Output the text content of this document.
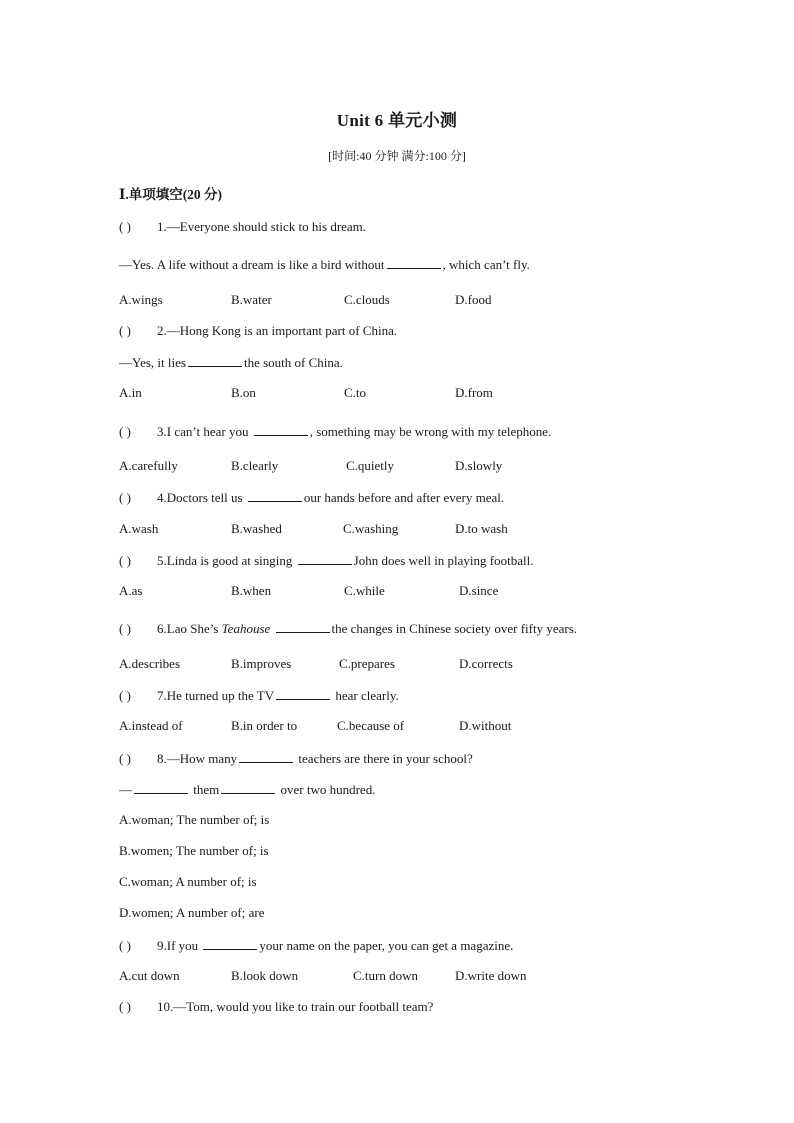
Unit 6 单元小测
[时间:40 分钟 满分:100 分]
Ⅰ.单项填空(20 分)
( ) 1.—Everyone should stick to his dream.
—Yes. A life without a dream is like a bird without	, which can’t fly.
A.wings	B.water	C.clouds	D.food
( ) 2.—Hong Kong is an important part of China.
—Yes, it lies	the south of China.
A.in	B.on	C.to	D.from
( ) 3.I can’t hear you	, something may be wrong with my telephone.
A.carefully	B.clearly	C.quietly	D.slowly
( ) 4.Doctors tell us	our hands before and after every meal.
A.wash	B.washed	C.washing	D.to wash
( ) 5.Linda is good at singing	John does well in playing football.
A.as	B.when	C.while	D.since
( ) 6.Lao She’s Teahouse	the changes in Chinese society over fifty years.
A.describes	B.improves	C.prepares	D.corrects
( ) 7.He turned up the TV	hear clearly.
A.instead of	B.in order to	C.because of	D.without
( ) 8.—How many	teachers are there in your school?
—	them	over two hundred.
A.woman; The number of; is
B.women; The number of; is
C.woman; A number of; is
D.women; A number of; are
( ) 9.If you	your name on the paper, you can get a magazine.
A.cut down	B.look down	C.turn down	D.write down
( ) 10.—Tom, would you like to train our football team?
